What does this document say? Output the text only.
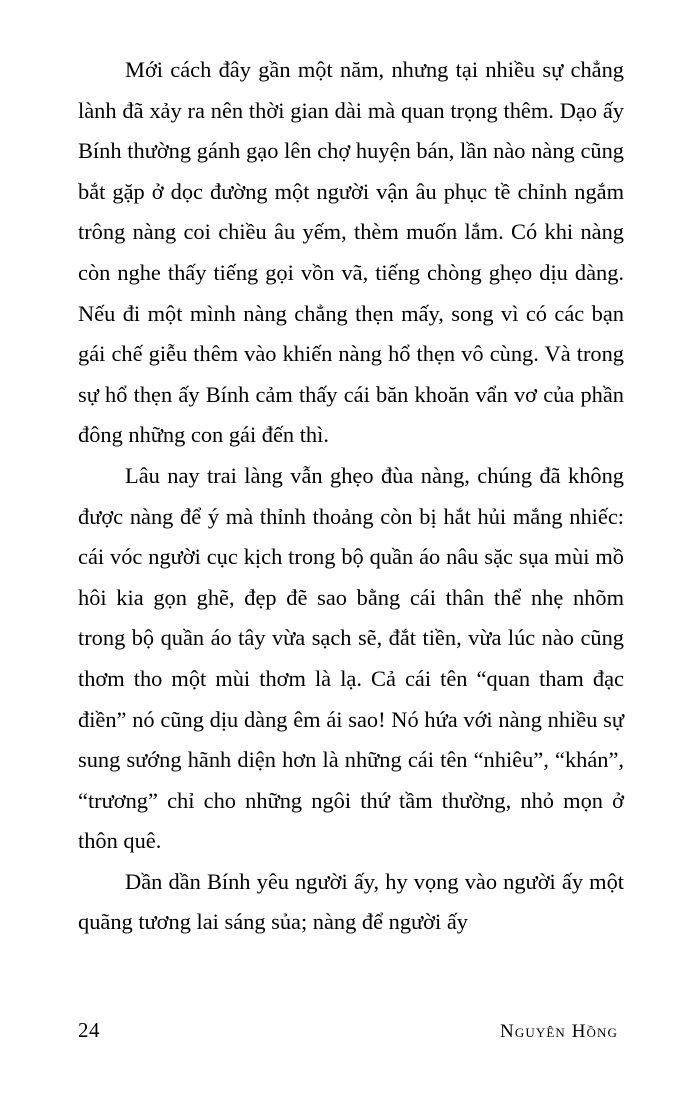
Mới cách đây gần một năm, nhưng tại nhiều sự chẳng lành đã xảy ra nên thời gian dài mà quan trọng thêm. Dạo ấy Bính thường gánh gạo lên chợ huyện bán, lần nào nàng cũng bắt gặp ở dọc đường một người vận âu phục tề chỉnh ngắm trông nàng coi chiều âu yếm, thèm muốn lắm. Có khi nàng còn nghe thấy tiếng gọi vồn vã, tiếng chòng ghẹo dịu dàng. Nếu đi một mình nàng chẳng thẹn mấy, song vì có các bạn gái chế giễu thêm vào khiến nàng hổ thẹn vô cùng. Và trong sự hổ thẹn ấy Bính cảm thấy cái băn khoăn vẩn vơ của phần đông những con gái đến thì.

Lâu nay trai làng vẫn ghẹo đùa nàng, chúng đã không được nàng để ý mà thỉnh thoảng còn bị hắt hủi mắng nhiếc: cái vóc người cục kịch trong bộ quần áo nâu sặc sụa mùi mồ hôi kia gọn ghẽ, đẹp đẽ sao bằng cái thân thể nhẹ nhõm trong bộ quần áo tây vừa sạch sẽ, đắt tiền, vừa lúc nào cũng thơm tho một mùi thơm là lạ. Cả cái tên “quan tham đạc điền” nó cũng dịu dàng êm ái sao! Nó hứa với nàng nhiều sự sung sướng hãnh diện hơn là những cái tên “nhiêu”, “khán”, “trương” chỉ cho những ngôi thứ tầm thường, nhỏ mọn ở thôn quê.

Dần dần Bính yêu người ấy, hy vọng vào người ấy một quãng tương lai sáng sủa; nàng để người ấy

24	Nguyên Hồng
